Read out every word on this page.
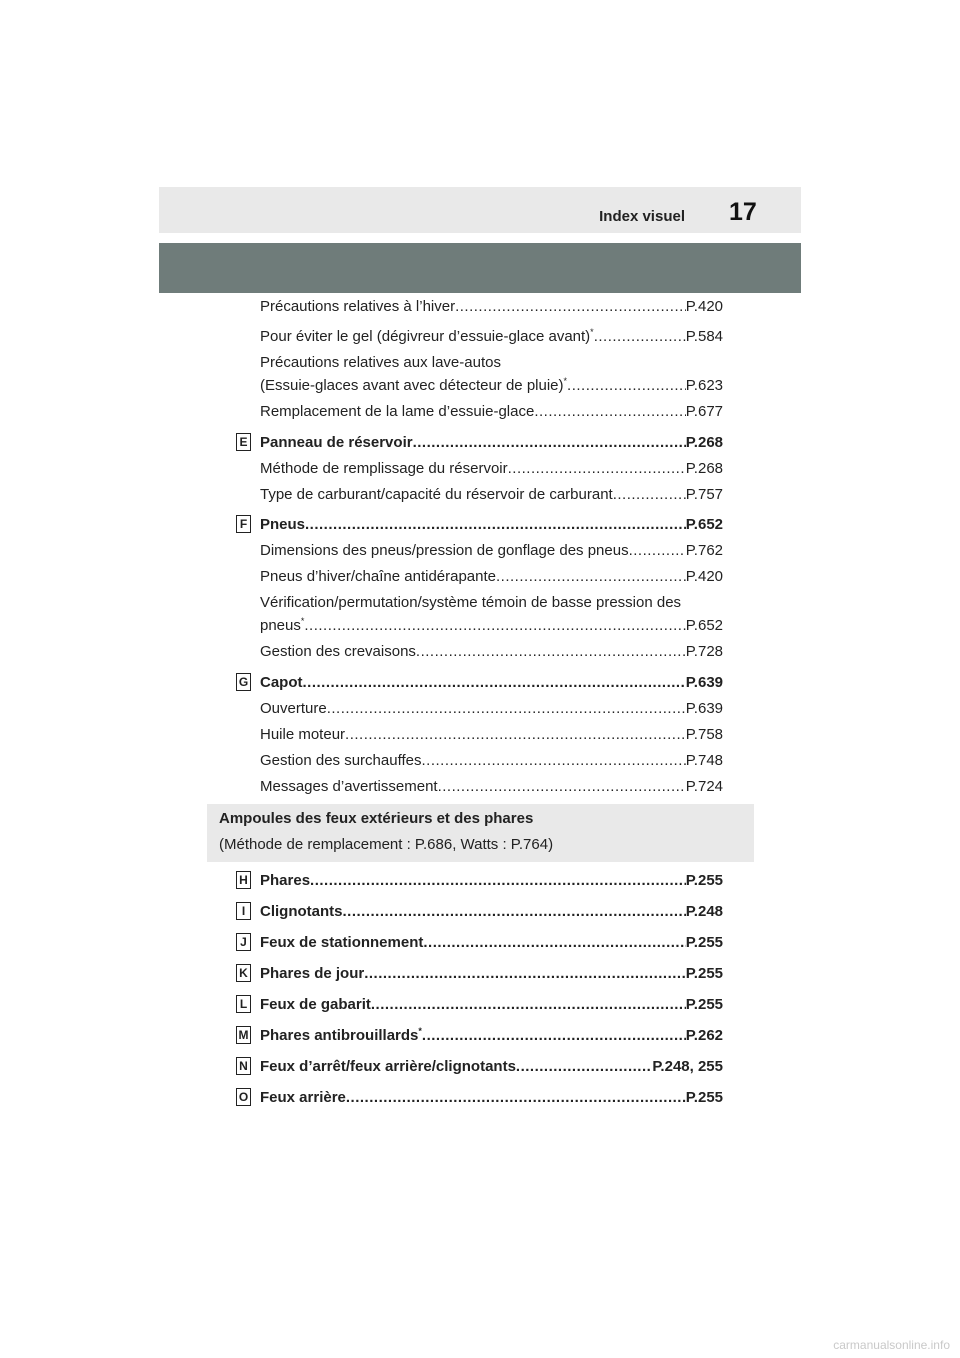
Index visuel 17
Précautions relatives à l’hiver .....	P.420
Pour éviter le gel (dégivreur d’essuie-glace avant)* .....	P.584
Précautions relatives aux lave-autos
(Essuie-glaces avant avec détecteur de pluie)* .....	P.623
Remplacement de la lame d’essuie-glace .....	P.677
E Panneau de réservoir .....	P.268
Méthode de remplissage du réservoir .....	P.268
Type de carburant/capacité du réservoir de carburant .....	P.757
F Pneus .....	P.652
Dimensions des pneus/pression de gonflage des pneus .....	P.762
Pneus d’hiver/chaîne antidérapante .....	P.420
Vérification/permutation/système témoin de basse pression des
pneus* .....	P.652
Gestion des crevaisons .....	P.728
G Capot .....	P.639
Ouverture .....	P.639
Huile moteur .....	P.758
Gestion des surchauffes .....	P.748
Messages d’avertissement .....	P.724
Ampoules des feux extérieurs et des phares
(Méthode de remplacement : P.686, Watts : P.764)
H Phares .....	P.255
I Clignotants .....	P.248
J Feux de stationnement .....	P.255
K Phares de jour .....	P.255
L Feux de gabarit .....	P.255
M Phares antibrouillards* .....	P.262
N Feux d’arrêt/feux arrière/clignotants .....	P.248, 255
O Feux arrière .....	P.255
carmanualsonline.info
